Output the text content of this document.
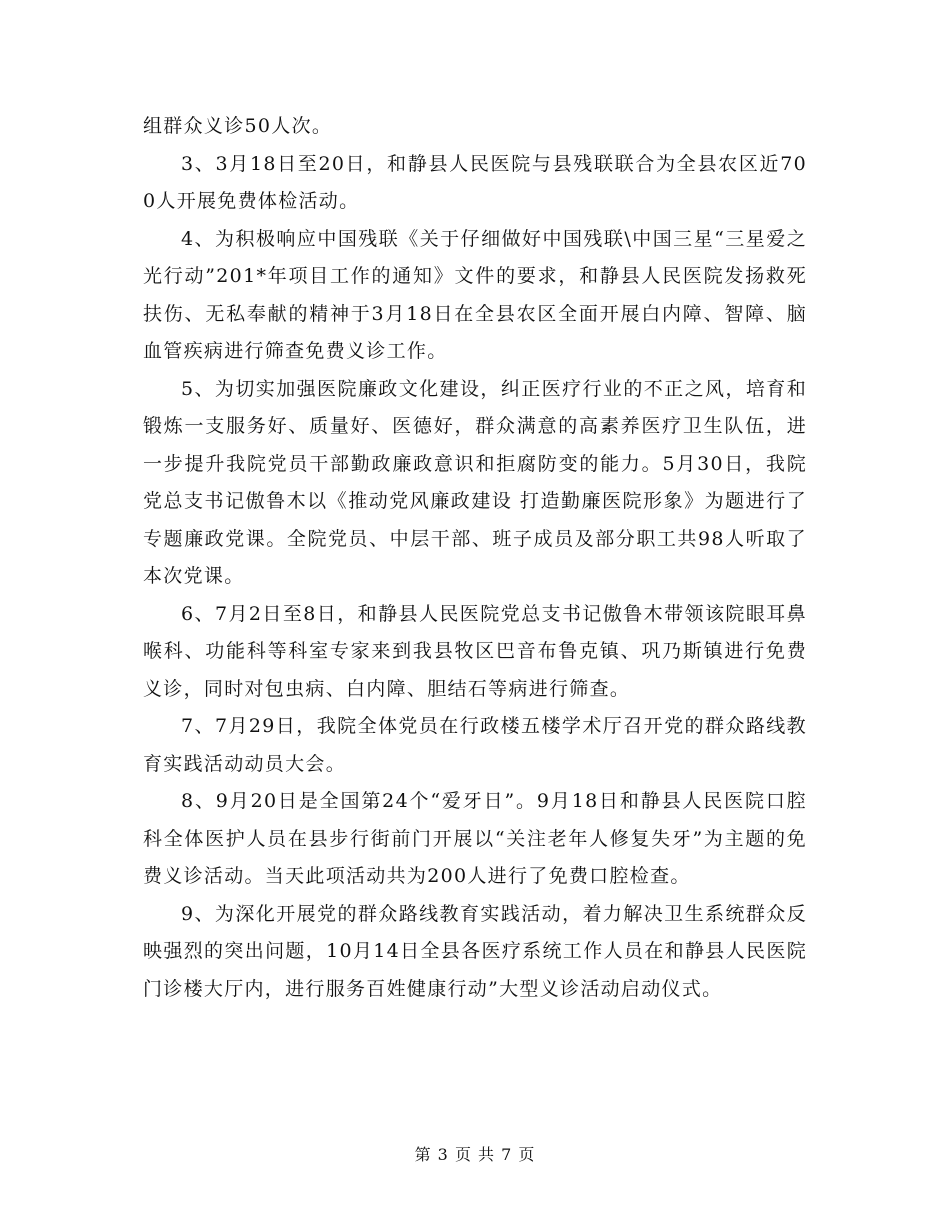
组群众义诊50人次。

3、3月18日至20日，和静县人民医院与县残联联合为全县农区近700人开展免费体检活动。

4、为积极响应中国残联《关于仔细做好中国残联\中国三星“三星爱之光行动”201*年项目工作的通知》文件的要求，和静县人民医院发扬救死扶伤、无私奉献的精神于3月18日在全县农区全面开展白内障、智障、脑血管疾病进行筛查免费义诊工作。

5、为切实加强医院廉政文化建设，纠正医疗行业的不正之风，培育和锻炼一支服务好、质量好、医德好，群众满意的高素养医疗卫生队伍，进一步提升我院党员干部勤政廉政意识和拒腐防变的能力。5月30日，我院党总支书记傲鲁木以《推动党风廉政建设 打造勤廉医院形象》为题进行了专题廉政党课。全院党员、中层干部、班子成员及部分职工共98人听取了本次党课。

6、7月2日至8日，和静县人民医院党总支书记傲鲁木带领该院眼耳鼻喉科、功能科等科室专家来到我县牧区巴音布鲁克镇、巩乃斯镇进行免费义诊，同时对包虫病、白内障、胆结石等病进行筛查。

7、7月29日，我院全体党员在行政楼五楼学术厅召开党的群众路线教育实践活动动员大会。

8、9月20日是全国第24个“爱牙日”。9月18日和静县人民医院口腔科全体医护人员在县步行街前门开展以“关注老年人修复失牙”为主题的免费义诊活动。当天此项活动共为200人进行了免费口腔检查。

9、为深化开展党的群众路线教育实践活动，着力解决卫生系统群众反映强烈的突出问题，10月14日全县各医疗系统工作人员在和静县人民医院门诊楼大厅内，进行服务百姓健康行动”大型义诊活动启动仪式。

第 3 页 共 7 页
